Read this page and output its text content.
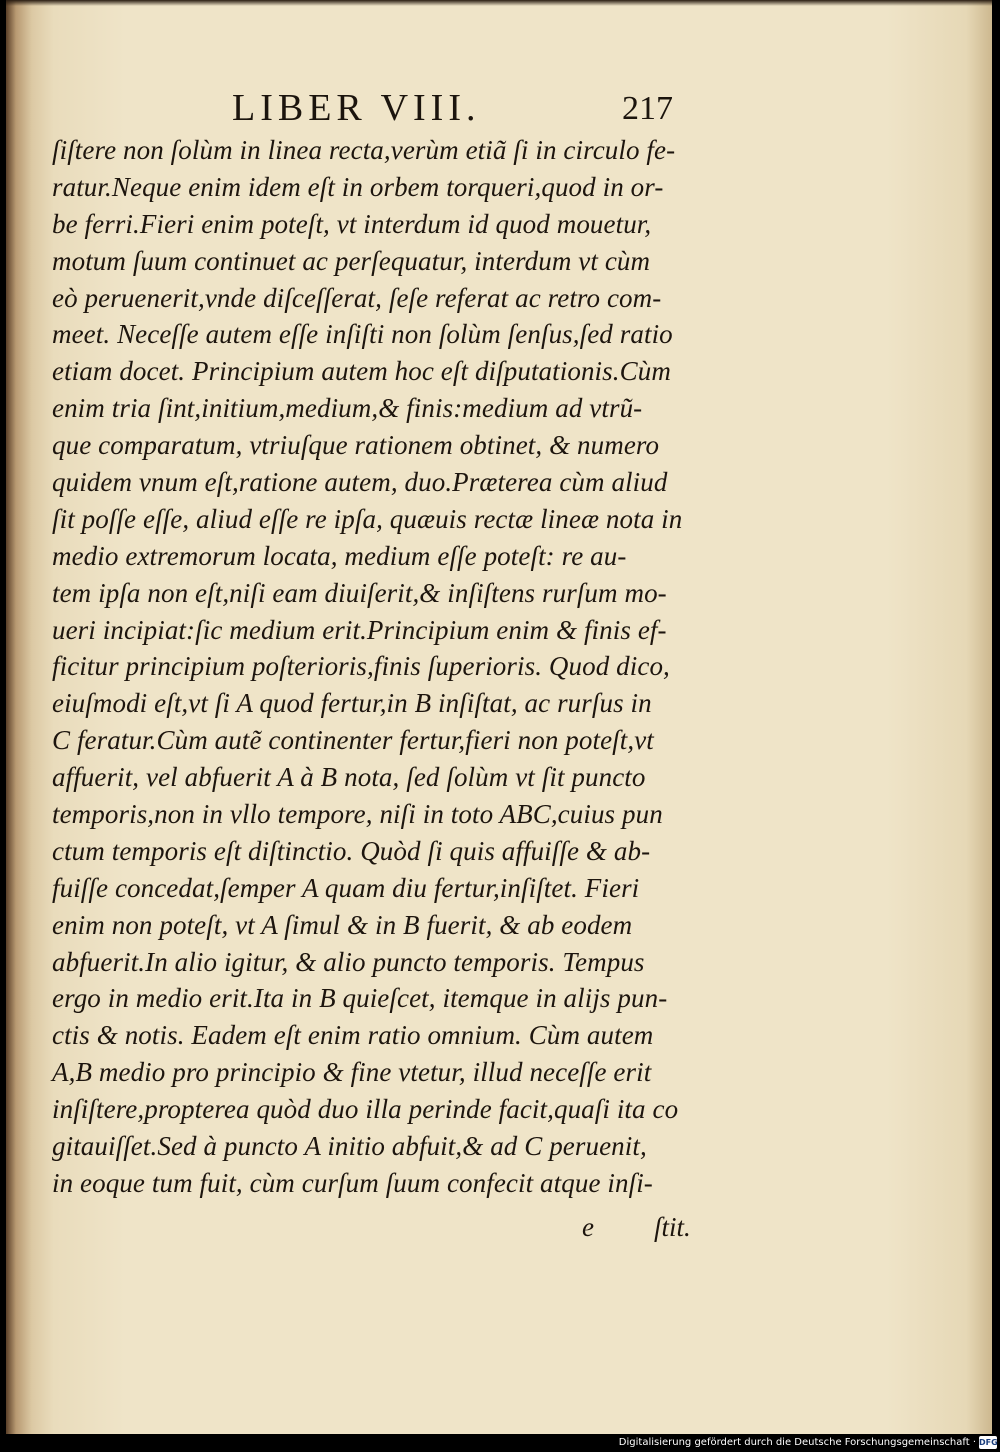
LIBER VIII.	217
ſiſtere non ſolùm in linea recta,verùm etiã ſi in circulo fe-
ratur.Neque enim idem eſt in orbem torqueri,quod in or-
be ferri.Fieri enim poteſt, vt interdum id quod mouetur,
motum ſuum continuet ac perſequatur, interdum vt cùm
eò peruenerit,vnde diſceſſerat, ſeſe referat ac retro com-
meet. Neceſſe autem eſſe inſiſti non ſolùm ſenſus,ſed ratio
etiam docet. Principium autem hoc eſt diſputationis.Cùm
enim tria ſint,initium,medium,& finis:medium ad vtrũ-
que comparatum, vtriuſque rationem obtinet, & numero
quidem vnum eſt,ratione autem, duo.Præterea cùm aliud
ſit poſſe eſſe, aliud eſſe re ipſa, quæuis rectæ lineæ nota in
medio extremorum locata, medium eſſe poteſt: re au-
tem ipſa non eſt,niſi eam diuiſerit,& inſiſtens rurſum mo-
ueri incipiat:ſic medium erit.Principium enim & finis ef-
ficitur principium poſterioris,finis ſuperioris. Quod dico,
eiuſmodi eſt,vt ſi A quod fertur,in B inſiſtat, ac rurſus in
C feratur.Cùm autẽ continenter fertur,fieri non poteſt,vt
affuerit, vel abfuerit A à B nota, ſed ſolùm vt ſit puncto
temporis,non in vllo tempore, niſi in toto ABC,cuius pun
ctum temporis eſt diſtinctio. Quòd ſi quis affuiſſe & ab-
fuiſſe concedat,ſemper A quam diu fertur,inſiſtet. Fieri
enim non poteſt, vt A ſimul & in B fuerit, & ab eodem
abfuerit.In alio igitur, & alio puncto temporis. Tempus
ergo in medio erit.Ita in B quieſcet, itemque in alijs pun-
ctis & notis. Eadem eſt enim ratio omnium. Cùm autem
A,B medio pro principio & fine vtetur, illud neceſſe erit
inſiſtere,propterea quòd duo illa perinde facit,quaſi ita co
gitauiſſet.Sed à puncto A initio abfuit,& ad C peruenit,
in eoque tum fuit, cùm curſum ſuum confecit atque inſi-
e ſtit.
Digitalisierung gefördert durch die Deutsche Forschungsgemeinschaft · DFG
